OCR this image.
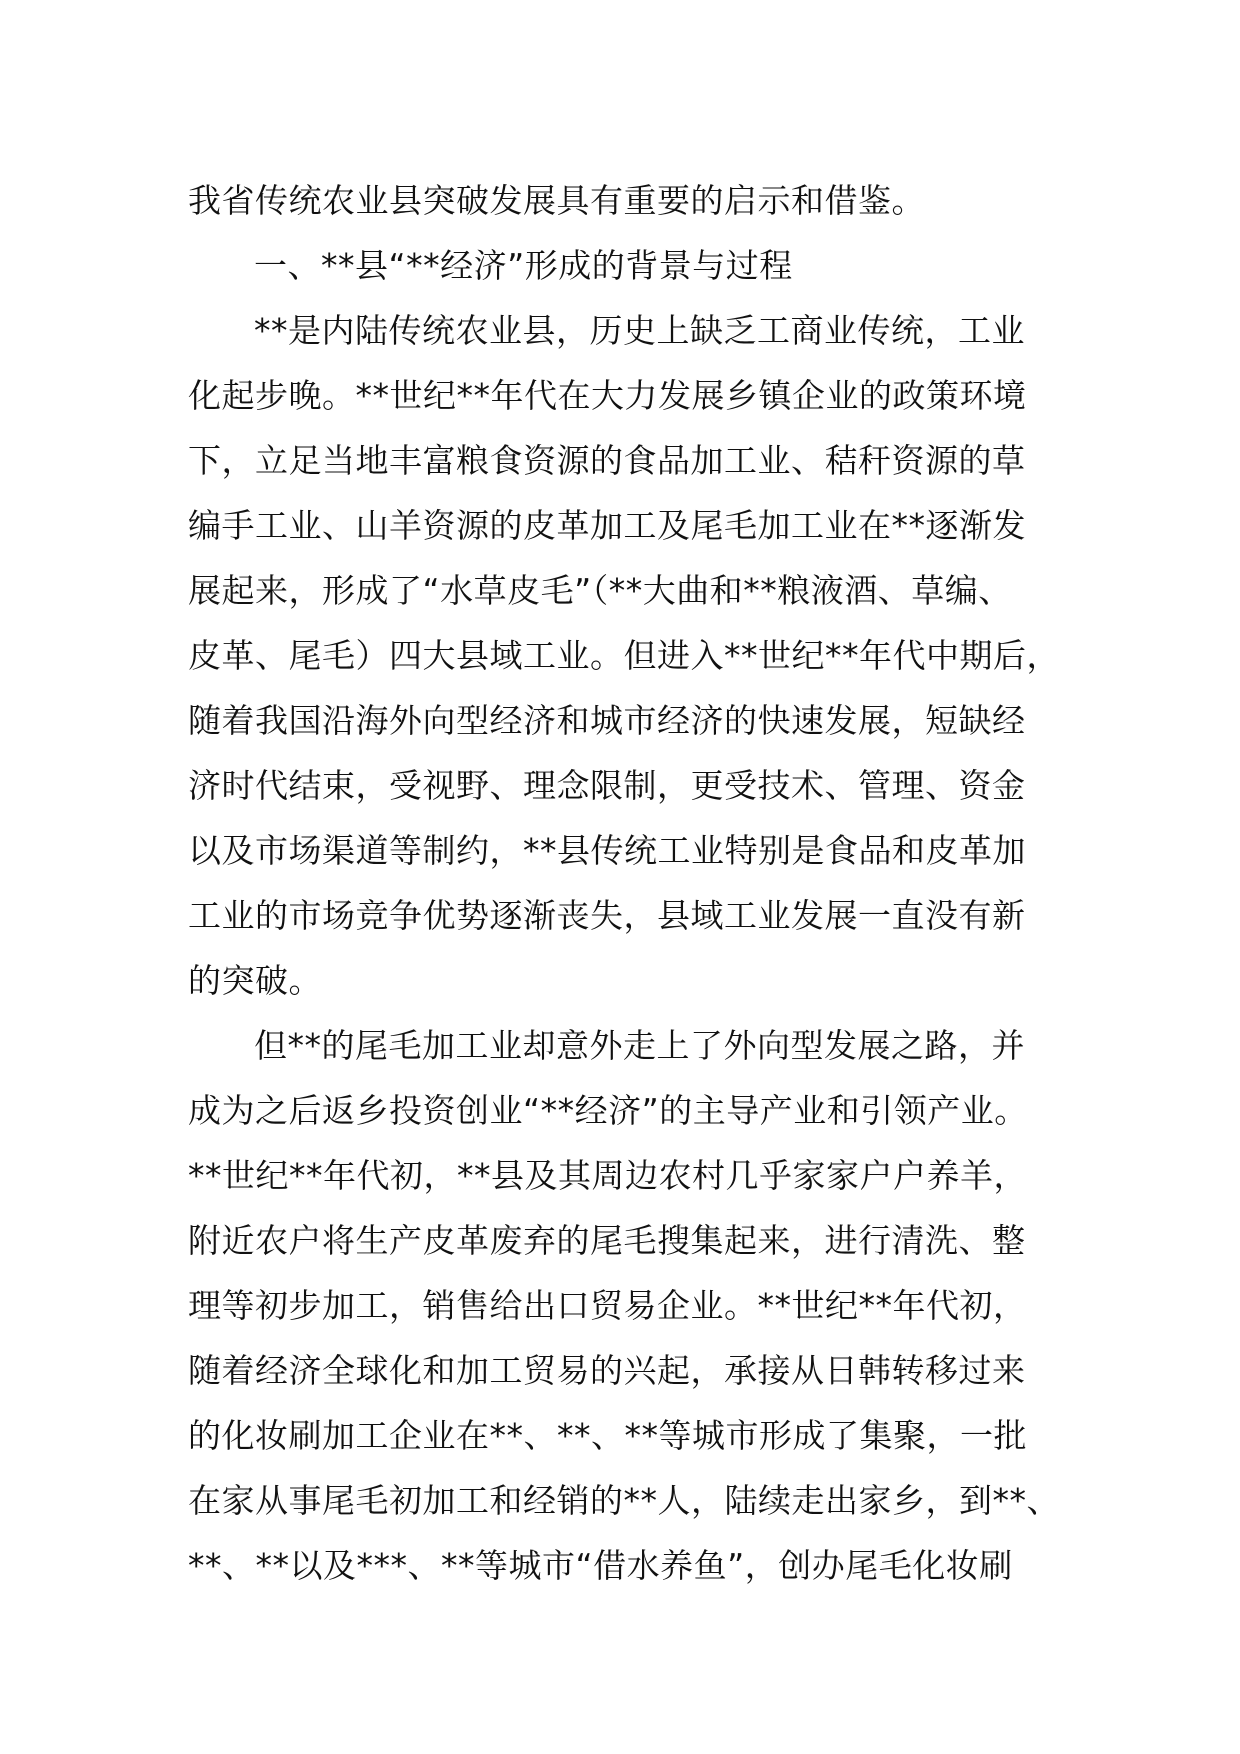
我省传统农业县突破发展具有重要的启示和借鉴。
一、**县“**经济”形成的背景与过程
**是内陆传统农业县，历史上缺乏工商业传统，工业
化起步晚。**世纪**年代在大力发展乡镇企业的政策环境
下，立足当地丰富粮食资源的食品加工业、秸秆资源的草
编手工业、山羊资源的皮革加工及尾毛加工业在**逐渐发
展起来，形成了“水草皮毛”（**大曲和**粮液酒、草编、
皮革、尾毛）四大县域工业。但进入**世纪**年代中期后，
随着我国沿海外向型经济和城市经济的快速发展，短缺经
济时代结束，受视野、理念限制，更受技术、管理、资金
以及市场渠道等制约，**县传统工业特别是食品和皮革加
工业的市场竞争优势逐渐丧失，县域工业发展一直没有新
的突破。
但**的尾毛加工业却意外走上了外向型发展之路，并
成为之后返乡投资创业“**经济”的主导产业和引领产业。
**世纪**年代初，**县及其周边农村几乎家家户户养羊，
附近农户将生产皮革废弃的尾毛搜集起来，进行清洗、整
理等初步加工，销售给出口贸易企业。**世纪**年代初，
随着经济全球化和加工贸易的兴起，承接从日韩转移过来
的化妆刷加工企业在**、**、**等城市形成了集聚，一批
在家从事尾毛初加工和经销的**人，陆续走出家乡，到**、
**、**以及***、**等城市“借水养鱼”，创办尾毛化妆刷
